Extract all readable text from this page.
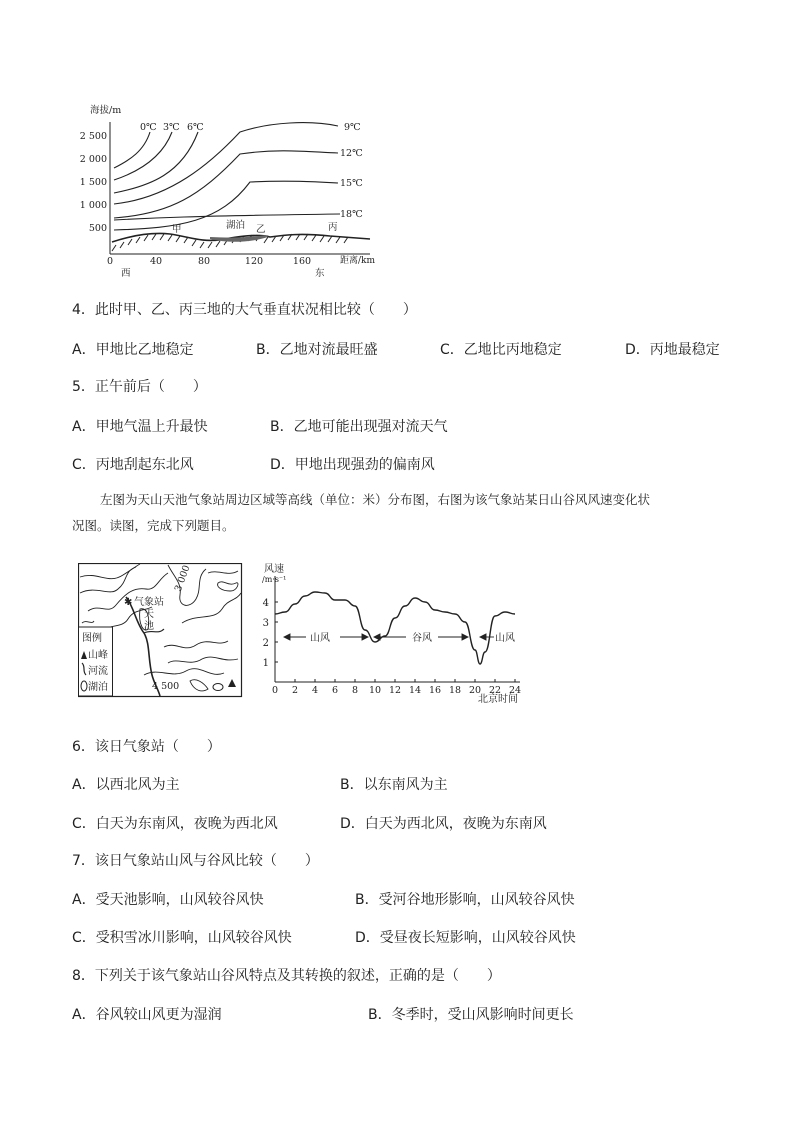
海拔/m
距离/km
2 500
2 000
1 500
1 000
500
0	40	80	120	160
西	东
0℃ 3℃ 6℃	9℃
12℃
15℃
18℃
甲	湖泊 乙	丙
4．此时甲、乙、丙三地的大气垂直状况相比较（　　）
A．甲地比乙地稳定	B．乙地对流最旺盛	C．乙地比丙地稳定	D．丙地最稳定
5．正午前后（　　）
A．甲地气温上升最快	B．乙地可能出现强对流天气
C．丙地刮起东北风	D．甲地出现强劲的偏南风
左图为天山天池气象站周边区域等高线（单位：米）分布图，右图为该气象站某日山谷风风速变化状
况图。读图，完成下列题目。
✱ 气象站
天
池
3 000
4 500
图例
山峰
河流
湖泊
风速
/m·s⁻¹
4
3
2
1
0 2 4 6 8 10 12 14 16 18 20 22 24
山风	谷风	山风
北京时间
6．该日气象站（　　）
A．以西北风为主	B．以东南风为主
C．白天为东南风，夜晚为西北风	D．白天为西北风，夜晚为东南风
7．该日气象站山风与谷风比较（　　）
A．受天池影响，山风较谷风快	B．受河谷地形影响，山风较谷风快
C．受积雪冰川影响，山风较谷风快	D．受昼夜长短影响，山风较谷风快
8．下列关于该气象站山谷风特点及其转换的叙述，正确的是（　　）
A．谷风较山风更为湿润	B．冬季时，受山风影响时间更长
